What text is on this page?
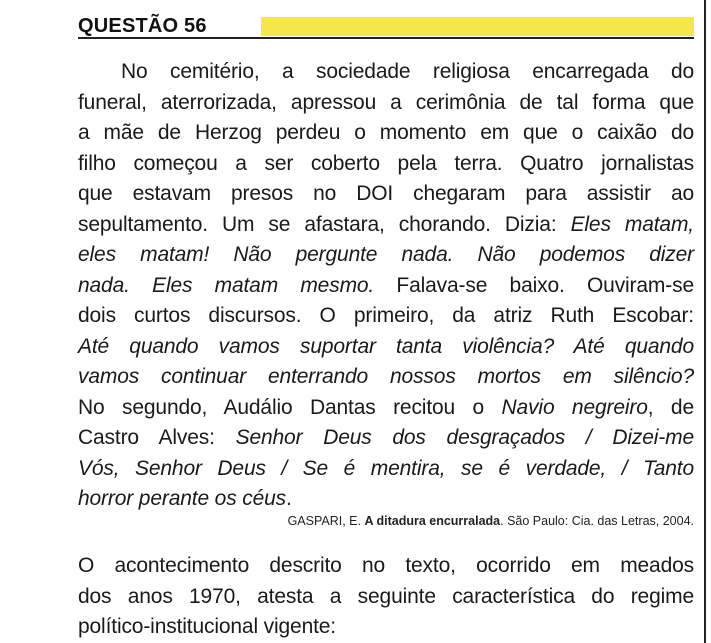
QUESTÃO 56
No cemitério, a sociedade religiosa encarregada do
funeral, aterrorizada, apressou a cerimônia de tal forma que
a mãe de Herzog perdeu o momento em que o caixão do
filho começou a ser coberto pela terra. Quatro jornalistas
que estavam presos no DOI chegaram para assistir ao
sepultamento. Um se afastara, chorando. Dizia: Eles matam,
eles matam! Não pergunte nada. Não podemos dizer
nada. Eles matam mesmo. Falava-se baixo. Ouviram-se
dois curtos discursos. O primeiro, da atriz Ruth Escobar:
Até quando vamos suportar tanta violência? Até quando
vamos continuar enterrando nossos mortos em silêncio?
No segundo, Audálio Dantas recitou o Navio negreiro, de
Castro Alves: Senhor Deus dos desgraçados / Dizei-me
Vós, Senhor Deus / Se é mentira, se é verdade, / Tanto
horror perante os céus.
GASPARI, E. A ditadura encurralada. São Paulo: Cia. das Letras, 2004.
O acontecimento descrito no texto, ocorrido em meados
dos anos 1970, atesta a seguinte característica do regime
político-institucional vigente:
